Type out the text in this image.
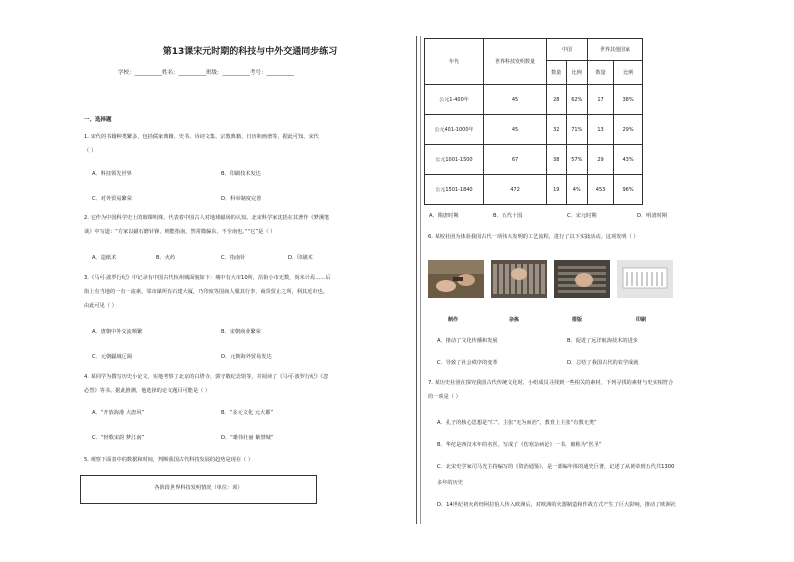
第13课宋元时期的科技与中外交通同步练习
学校：__________姓名：__________班级：__________考号：__________
一、选择题
1. 宋代的书籍种类繁多，包括儒家典籍、史书、诗词文集、宗教典籍、日历和画谱等。据此可知，宋代
（ ）
A．科技领先世界	B．印刷技术发达
C．对外贸易繁荣	D．科举制度完善
2. 它作为中国科学史上的璀璨明珠，代表着中国古人对地球磁场的认知。北宋科学家沈括在其著作《梦溪笔
谈》中写道：“方家以磁石磨针锋，则能指南，然常微偏东，不全南也。”“它”是（ ）
A．造纸术	B．火药	C．指南针	D．印刷术
3.《马可·波罗行纪》中记录有中国古代杭州城面貌如下：城中有大市10所，沿街小市无数，尚未计焉……后
街上有当地的一有一流素，邻市谋所有石建大厦，乃印度等国商人服其行李、商货贸止之所，利其近市也。
由此可见（ ）
A．唐朝中外交流频繁	B．宋朝商业繁荣
C．元朝疆域辽阔	D．元朝海外贸易发达
4. 某同学为撰写历史小论文，实地考察了北京的白塔寺、郭守敬纪念馆等，并阅读了《马可·波罗行纪》《忽
必烈》等书。据此推测，他选择的论文题目可能是（ ）
A．“开放海港 大唐风”	B．“多元文化 元大都”
C．“轻歌宋韵 梦江南”	D．“雄伟壮丽 紫禁城”
5. 观察下面表中的数据和时间，判断我国古代科技发展的趋势是现在（ ）
各阶段世界科技发明情况（单位：项）
年代	世界科技发明数量	中国		世界其他国家	
		数量	比例	数量	比例
公元1-400年	45	28	62%	17	38%
公元401-1000年	45	32	71%	13	29%
公元1001-1500	67	38	57%	29	43%
公元1501-1840	472	19	4%	453	96%
A．隋唐时期	B．五代十国	C．宋元时期	D．明清时期
6. 某校社团为体验我国古代一项伟大发明的工艺流程，进行了以下实践活动。这项发明（ ）
制作	杂拣	排版	印刷
A．推动了文化传播和发展	B．促进了远洋航海技术的进步
C．导致了社会秩序的变革	D．总结了我国古代的农学成就
7. 某历史社团在探究我国古代传统文化时，小组成员寻找到一些相关的素材，下列寻找的素材与史实相符合
的一项是（ ）
A．孔子的核心思想是“仁”，主张“无为而治”，教育上主张“有教无类”
B．华佗是西汉末年的名医，写成了《伤寒杂病论》一书，被称为“医圣”
C．北宋史学家司马光主持编写的《资治通鉴》，是一部编年体的通史巨著，记述了从黄帝到五代共1300
多年的历史
D．14世纪初火药经阿拉伯人传入欧洲后，对欧洲的火器制造和作战方式产生了巨大影响，推动了欧洲社
